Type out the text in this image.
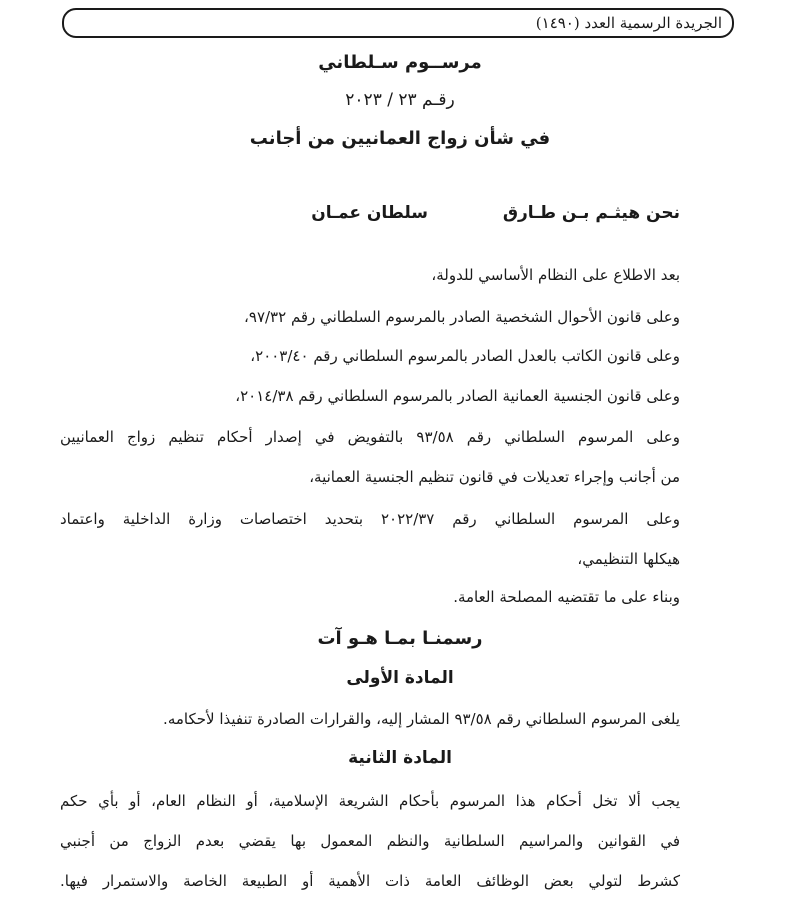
الجريدة الرسمية العدد (١٤٩٠)
مرســوم سـلطاني
رقـم ٢٣ / ٢٠٢٣
في شأن زواج العمانيين من أجانب
نحن هيثـم بـن طـارق
سلطان عمـان
بعد الاطلاع على النظام الأساسي للدولة،
وعلى قانون الأحوال الشخصية الصادر بالمرسوم السلطاني رقم ٩٧/٣٢،
وعلى قانون الكاتب بالعدل الصادر بالمرسوم السلطاني رقم ٢٠٠٣/٤٠،
وعلى قانون الجنسية العمانية الصادر بالمرسوم السلطاني رقم ٢٠١٤/٣٨،
وعلى المرسوم السلطاني رقم ٩٣/٥٨ بالتفويض في إصدار أحكام تنظيم زواج العمانيين
من أجانب وإجراء تعديلات في قانون تنظيم الجنسية العمانية،
وعلى المرسوم السلطاني رقم ٢٠٢٢/٣٧ بتحديد اختصاصات وزارة الداخلية واعتماد
هيكلها التنظيمي،
وبناء على ما تقتضيه المصلحة العامة.
رسمنـا بمـا هـو آت
المادة الأولى
يلغى المرسوم السلطاني رقم ٩٣/٥٨ المشار إليه، والقرارات الصادرة تنفيذا لأحكامه.
المادة الثانية
يجب ألا تخل أحكام هذا المرسوم بأحكام الشريعة الإسلامية، أو النظام العام، أو بأي حكم
في القوانين والمراسيم السلطانية والنظم المعمول بها يقضي بعدم الزواج من أجنبي
كشرط لتولي بعض الوظائف العامة ذات الأهمية أو الطبيعة الخاصة والاستمرار فيها.
